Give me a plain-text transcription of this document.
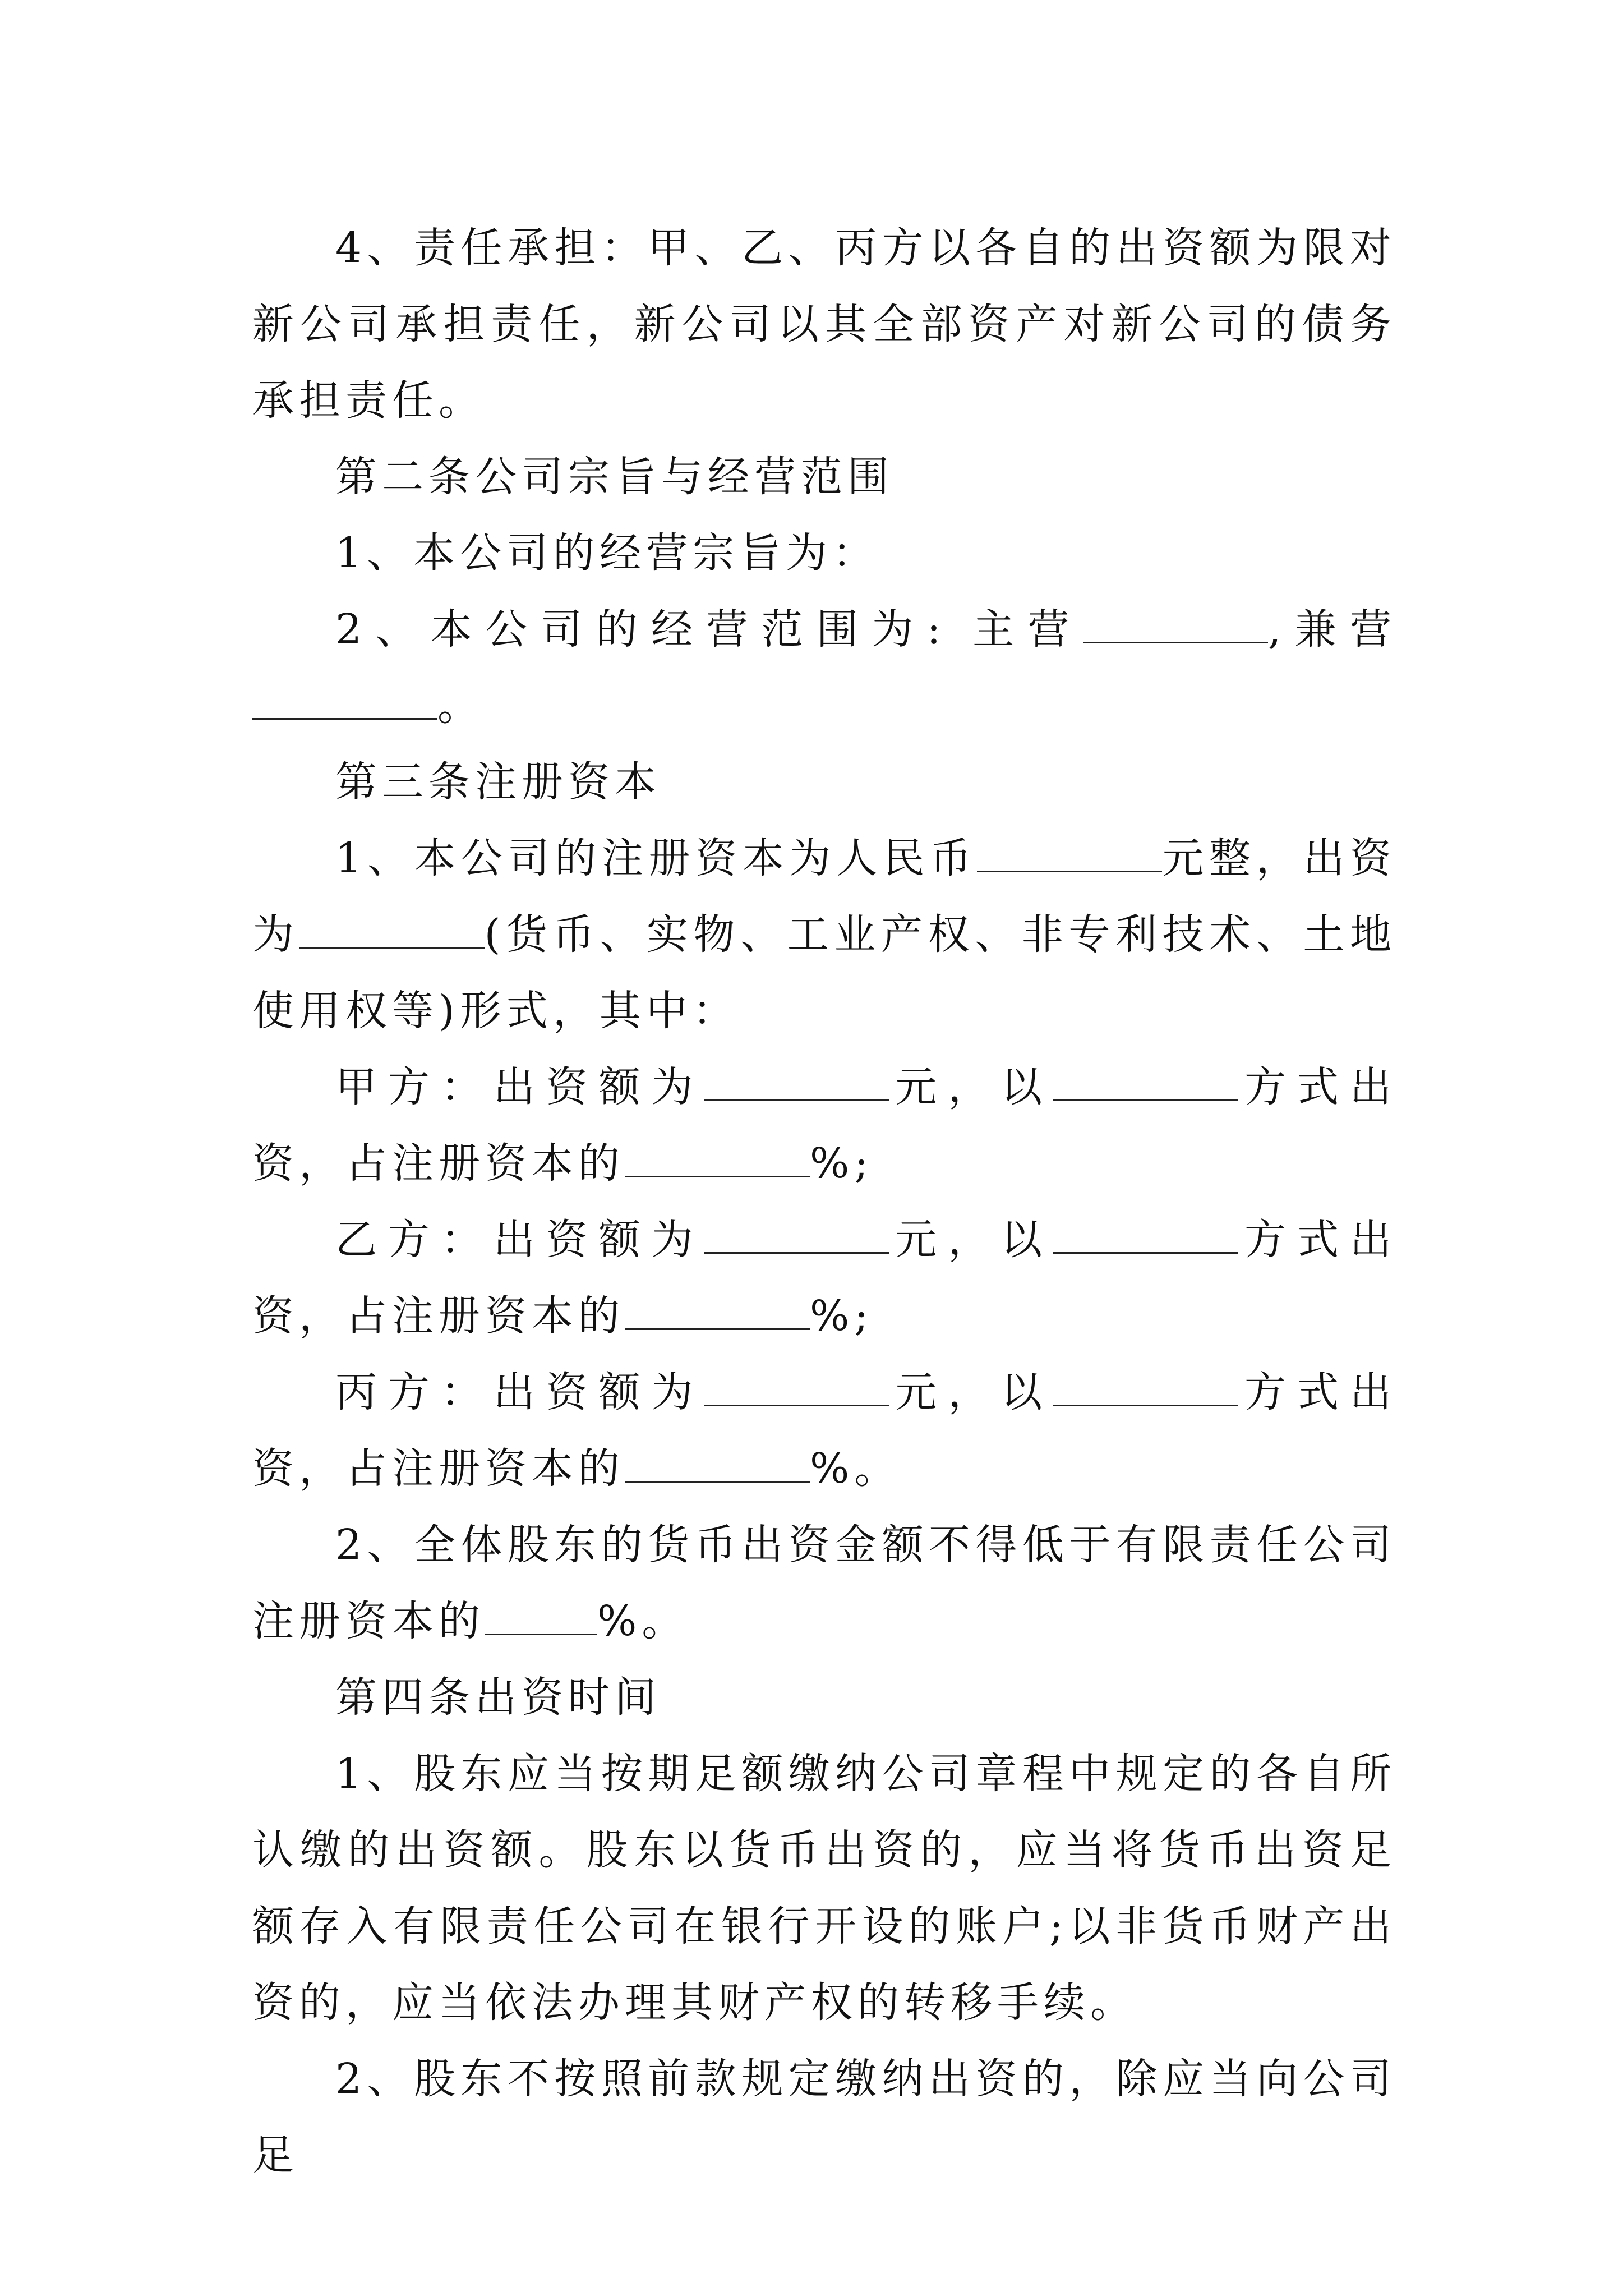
4、责任承担：甲、乙、丙方以各自的出资额为限对新公司承担责任，新公司以其全部资产对新公司的债务承担责任。

第二条公司宗旨与经营范围

1、本公司的经营宗旨为：

2、本公司的经营范围为: 主营	,兼营。

第三条注册资本

1、本公司的注册资本为人民币	元整，出资为	(货币、实物、工业产权、非专利技术、土地使用权等)形式，其中：

甲方：出资额为	元，以	方式出资，占注册资本的	%;

乙方：出资额为	元，以	方式出资，占注册资本的	%;

丙方：出资额为	元，以	方式出资，占注册资本的	%。

2、全体股东的货币出资金额不得低于有限责任公司注册资本的	%。

第四条出资时间

1、股东应当按期足额缴纳公司章程中规定的各自所认缴的出资额。股东以货币出资的，应当将货币出资足额存入有限责任公司在银行开设的账户;以非货币财产出资的，应当依法办理其财产权的转移手续。

2、股东不按照前款规定缴纳出资的，除应当向公司足
